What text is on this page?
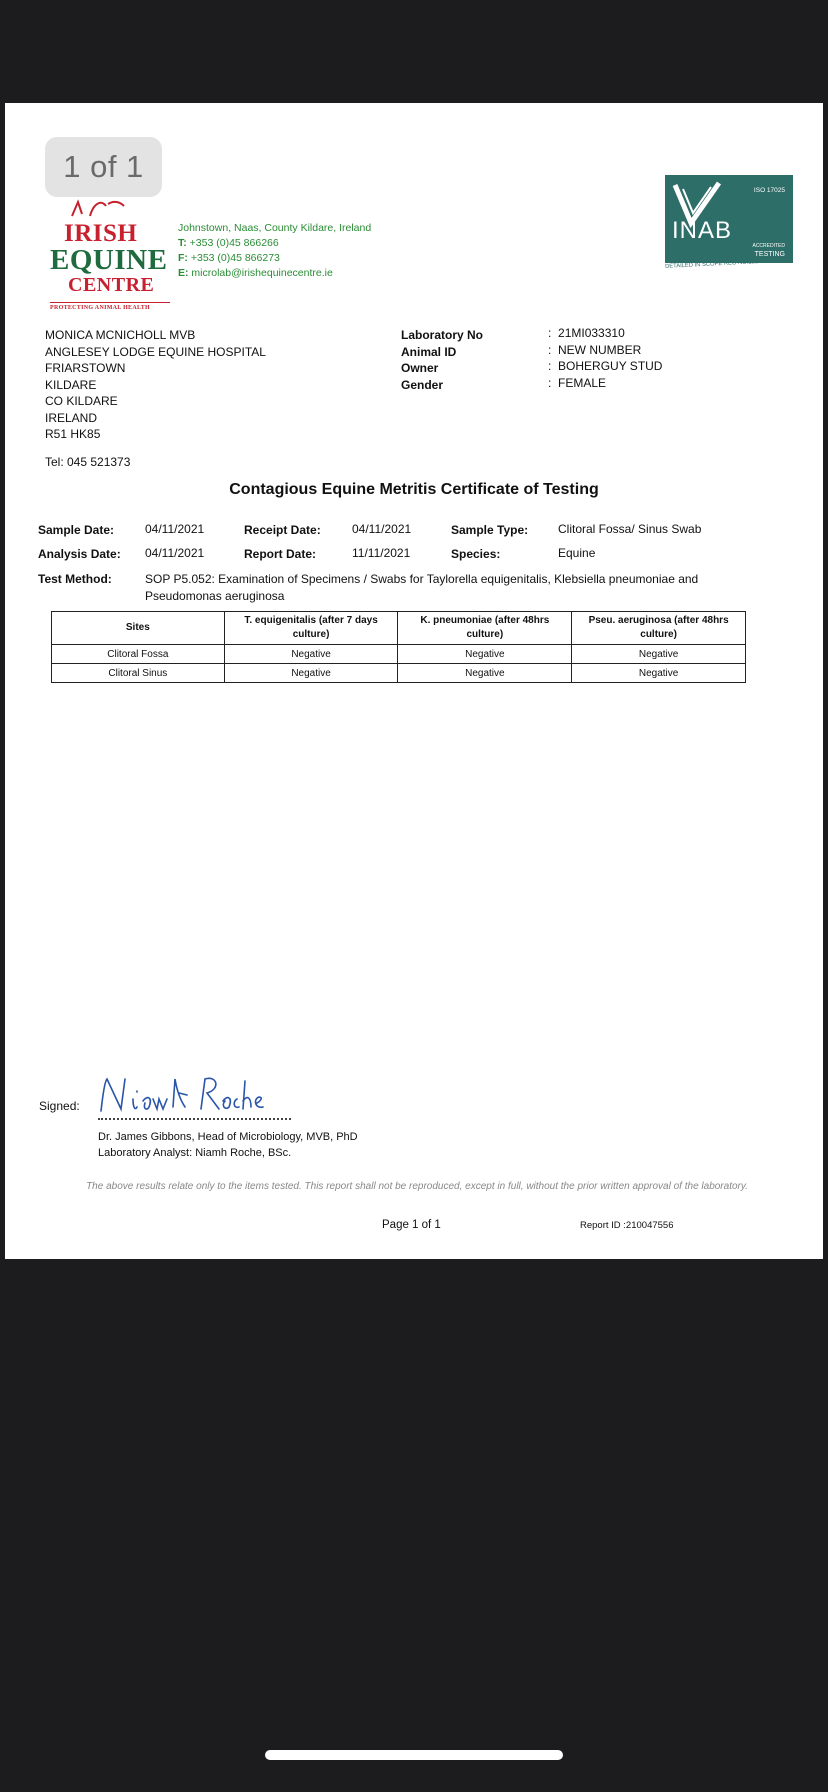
IRISH
EQUINE
CENTRE
PROTECTING ANIMAL HEALTH
Johnstown, Naas, County Kildare, Ireland
T: +353 (0)45 866266
F: +353 (0)45 866273
E: microlab@irishequinecentre.ie
ISO 17025
INAB
ACCREDITED
TESTING
DETAILED IN SCOPE REG NO.151T
MONICA MCNICHOLL MVB
ANGLESEY LODGE EQUINE HOSPITAL
FRIARSTOWN
KILDARE
CO KILDARE
IRELAND
R51 HK85
Tel: 045 521373
Laboratory No	:  21MI033310
Animal ID	:  NEW NUMBER
Owner	:  BOHERGUY STUD
Gender	:  FEMALE
Contagious Equine Metritis Certificate of Testing
Sample Date:	04/11/2021	Receipt Date:	04/11/2021	Sample Type: Clitoral Fossa/ Sinus Swab
Analysis Date: 04/11/2021	Report Date:	11/11/2021	Species:	Equine
Test Method:	SOP P5.052: Examination of Specimens / Swabs for Taylorella equigenitalis, Klebsiella pneumoniae and Pseudomonas aeruginosa
Sites	T. equigenitalis (after 7 days culture)	K. pneumoniae (after 48hrs culture)	Pseu. aeruginosa (after 48hrs culture)
Clitoral Fossa	Negative	Negative	Negative
Clitoral Sinus	Negative	Negative	Negative
Signed:
Dr. James Gibbons, Head of Microbiology, MVB, PhD
Laboratory Analyst: Niamh Roche, BSc.
The above results relate only to the items tested. This report shall not be reproduced, except in full, without the prior written approval of the laboratory.
Page 1 of 1	Report ID :210047556
1 of 1
